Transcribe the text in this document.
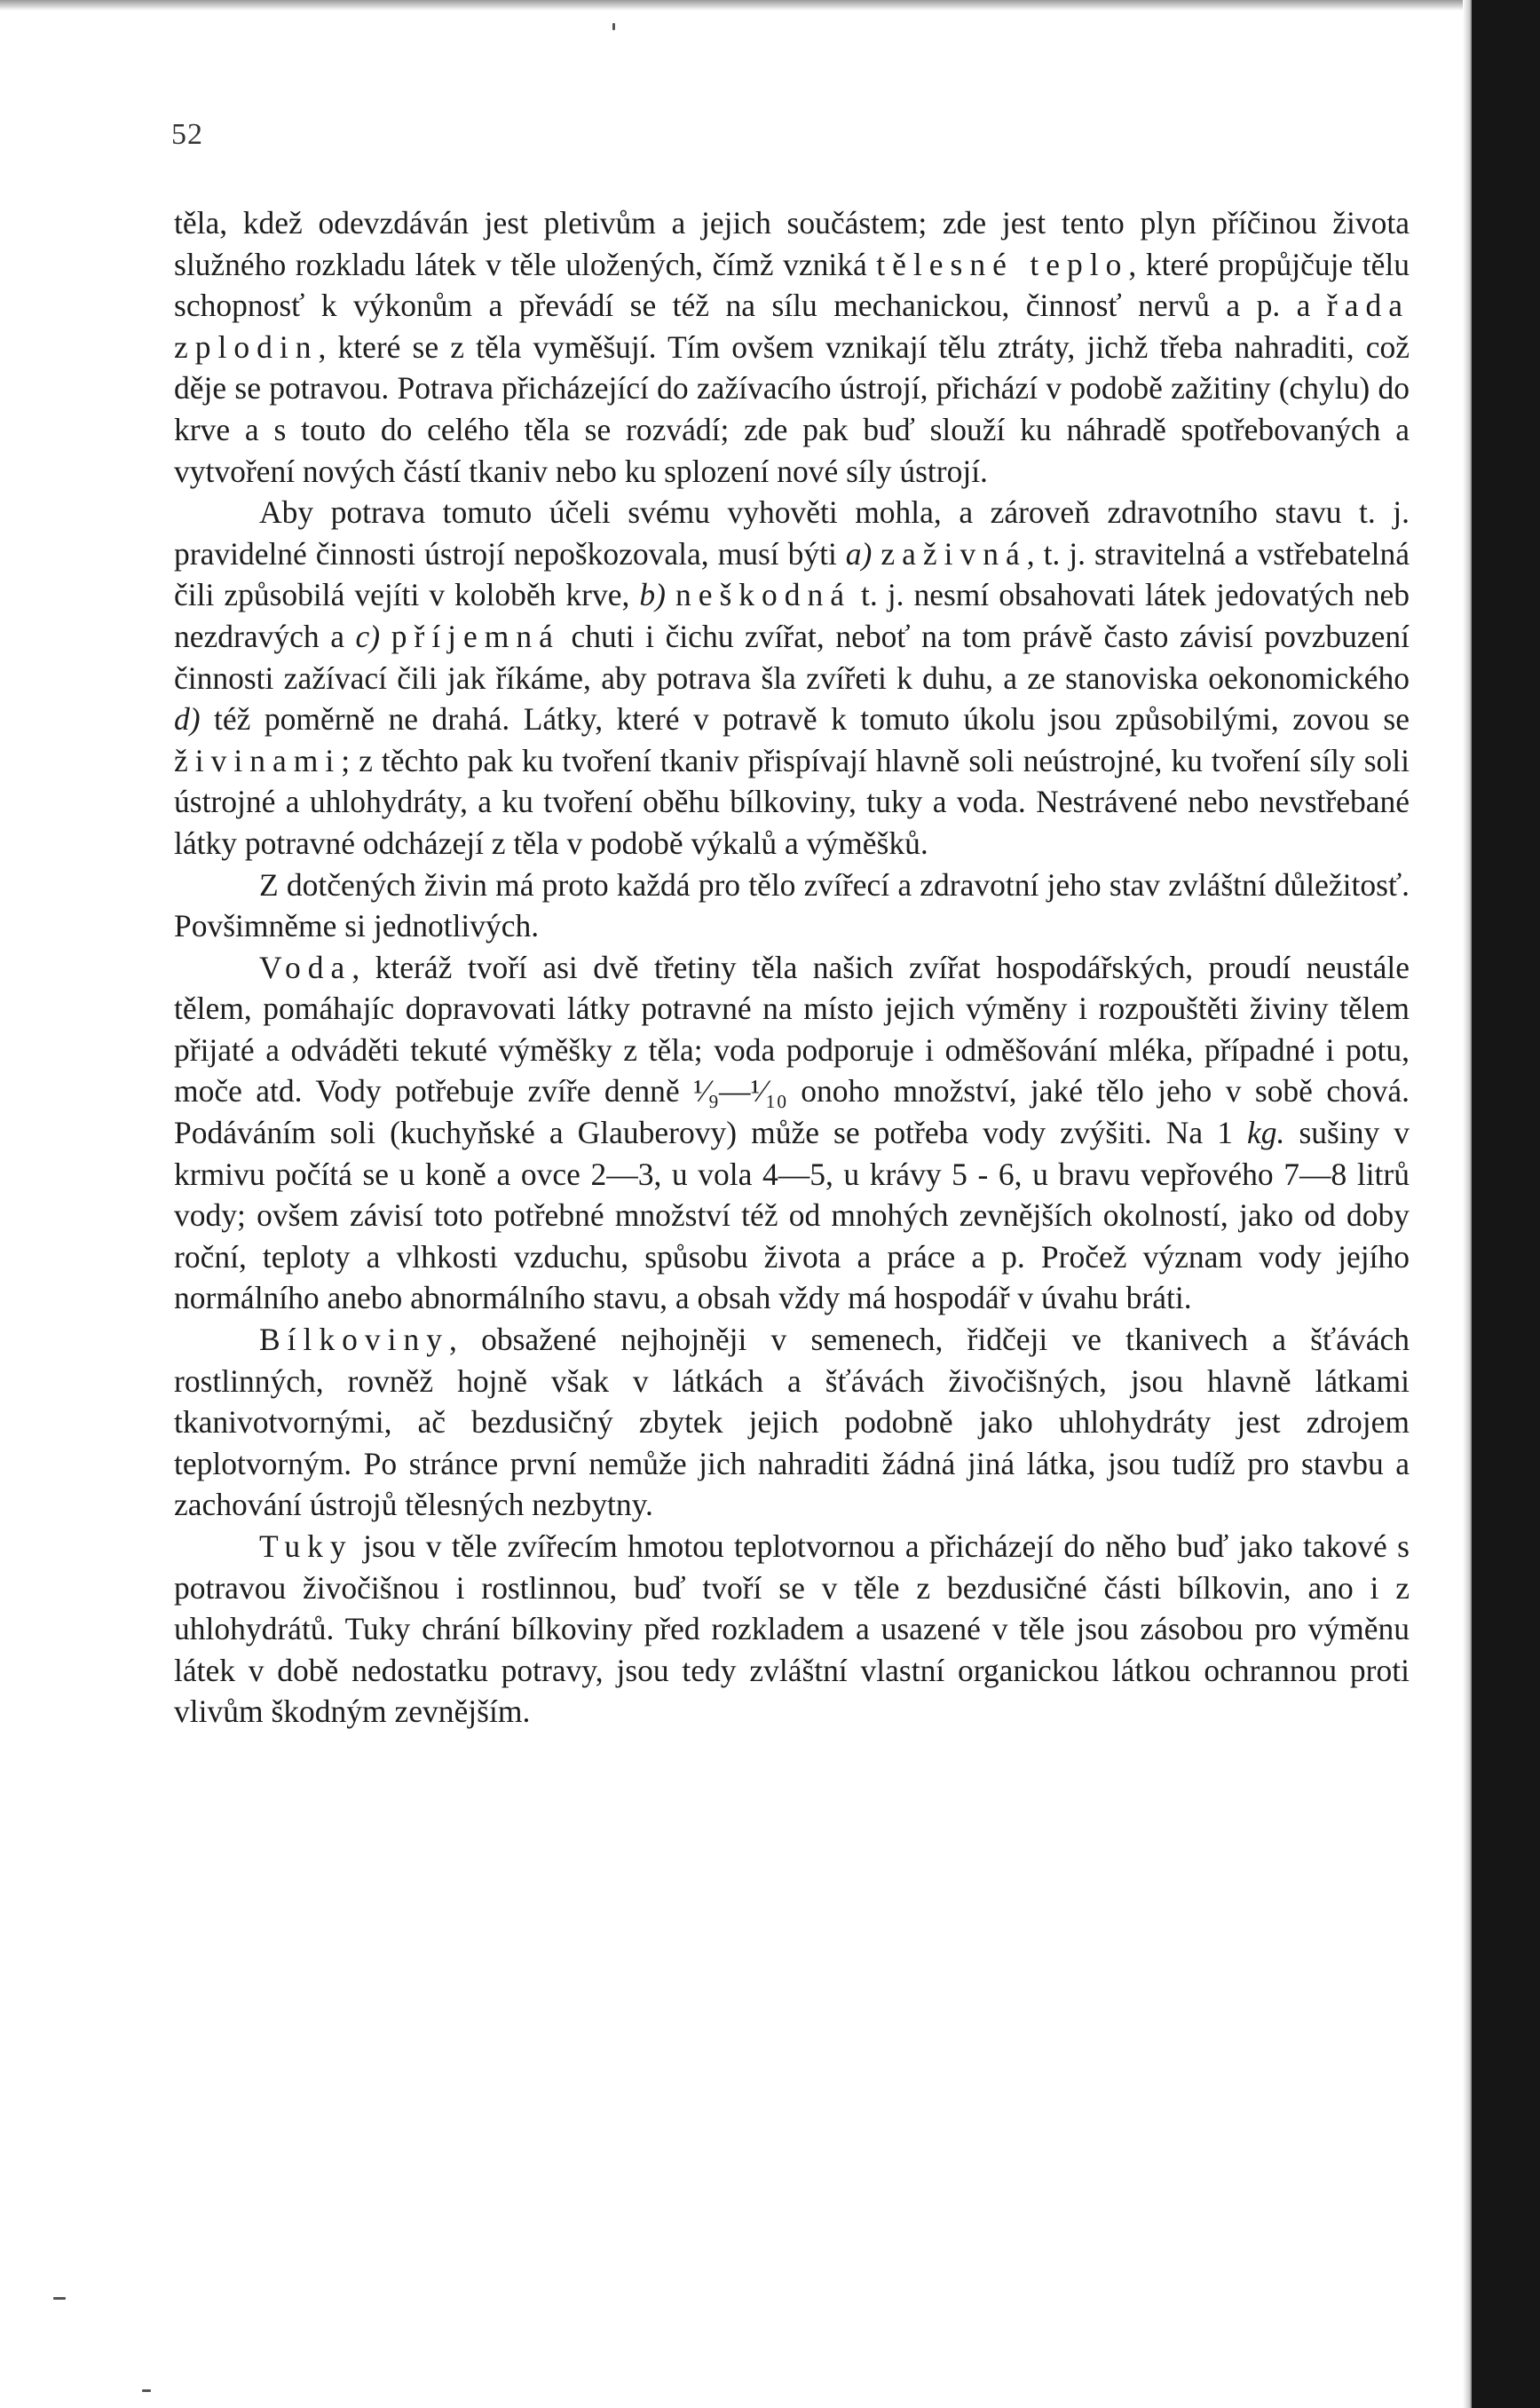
52

těla, kdež odevzdáván jest pletivům a jejich součástem; zde jest tento plyn příčinou života služného rozkladu látek v těle uložených, čímž vzniká tělesné teplo, které propůjčuje tělu schopnosť k výkonům a převádí se též na sílu mechanickou, činnosť nervů a p. a řada zplodin, které se z těla vyměšují. Tím ovšem vznikají tělu ztráty, jichž třeba nahraditi, což děje se potravou. Potrava přicházející do zažívacího ústrojí, přichází v podobě zažitiny (chylu) do krve a s touto do celého těla se rozvádí; zde pak buď slouží ku náhradě spotřebovaných a vytvoření nových částí tkaniv nebo ku splození nové síly ústrojí.

Aby potrava tomuto účeli svému vyhověti mohla, a zároveň zdravotního stavu t. j. pravidelné činnosti ústrojí nepoškozovala, musí býti a) zaživná, t. j. stravitelná a vstřebatelná čili způsobilá vejíti v koloběh krve, b) neškodná t. j. nesmí obsahovati látek jedovatých neb nezdravých a c) příjemná chuti i čichu zvířat, neboť na tom právě často závisí povzbuzení činnosti zažívací čili jak říkáme, aby potrava šla zvířeti k duhu, a ze stanoviska oekonomického d) též poměrně ne drahá. Látky, které v potravě k tomuto úkolu jsou způsobilými, zovou se živinami; z těchto pak ku tvoření tkaniv přispívají hlavně soli neústrojné, ku tvoření síly soli ústrojné a uhlohydráty, a ku tvoření oběhu bílkoviny, tuky a voda. Nestrávené nebo nevstřebané látky potravné odcházejí z těla v podobě výkalů a výměšků.

Z dotčených živin má proto každá pro tělo zvířecí a zdravotní jeho stav zvláštní důležitosť. Povšimněme si jednotlivých.

Voda, kteráž tvoří asi dvě třetiny těla našich zvířat hospodářských, proudí neustále tělem, pomáhajíc dopravovati látky potravné na místo jejich výměny i rozpouštěti živiny tělem přijaté a odváděti tekuté výměšky z těla; voda podporuje i odměšování mléka, případné i potu, moče atd. Vody potřebuje zvíře denně ¹⁄₉—¹⁄₁₀ onoho množství, jaké tělo jeho v sobě chová. Podáváním soli (kuchyňské a Glauberovy) může se potřeba vody zvýšiti. Na 1 kg. sušiny v krmivu počítá se u koně a ovce 2—3, u vola 4—5, u krávy 5 - 6, u bravu vepřového 7—8 litrů vody; ovšem závisí toto potřebné množství též od mnohých zevnějších okolností, jako od doby roční, teploty a vlhkosti vzduchu, spůsobu života a práce a p. Pročež význam vody jejího normálního anebo abnormálního stavu, a obsah vždy má hospodář v úvahu bráti.

Bílkoviny, obsažené nejhojněji v semenech, řidčeji ve tkanivech a šťávách rostlinných, rovněž hojně však v látkách a šťávách živočišných, jsou hlavně látkami tkanivotvornými, ač bezdusičný zbytek jejich podobně jako uhlohydráty jest zdrojem teplotvorným. Po stránce první nemůže jich nahraditi žádná jiná látka, jsou tudíž pro stavbu a zachování ústrojů tělesných nezbytny.

Tuky jsou v těle zvířecím hmotou teplotvornou a přicházejí do něho buď jako takové s potravou živočišnou i rostlinnou, buď tvoří se v těle z bezdusičné části bílkovin, ano i z uhlohydrátů. Tuky chrání bílkoviny před rozkladem a usazené v těle jsou zásobou pro výměnu látek v době nedostatku potravy, jsou tedy zvláštní vlastní organickou látkou ochrannou proti vlivům škodným zevnějším.
